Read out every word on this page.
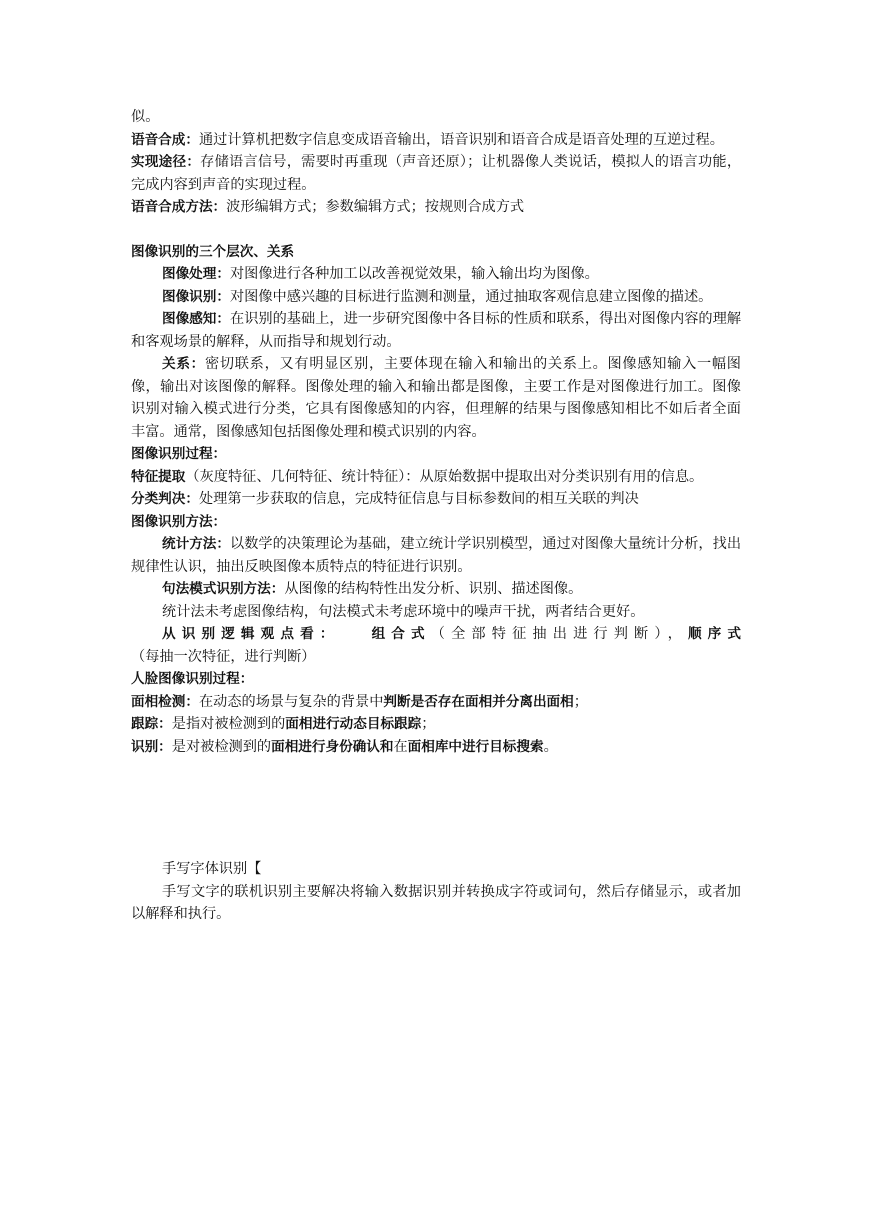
似。

语音合成：通过计算机把数字信息变成语音输出，语音识别和语音合成是语音处理的互逆过程。

实现途径：存储语言信号，需要时再重现（声音还原）；让机器像人类说话，模拟人的语言功能，完成内容到声音的实现过程。

语音合成方法：波形编辑方式；参数编辑方式；按规则合成方式

图像识别的三个层次、关系

图像处理：对图像进行各种加工以改善视觉效果，输入输出均为图像。

图像识别：对图像中感兴趣的目标进行监测和测量，通过抽取客观信息建立图像的描述。

图像感知：在识别的基础上，进一步研究图像中各目标的性质和联系，得出对图像内容的理解和客观场景的解释，从而指导和规划行动。

关系：密切联系，又有明显区别，主要体现在输入和输出的关系上。图像感知输入一幅图像，输出对该图像的解释。图像处理的输入和输出都是图像，主要工作是对图像进行加工。图像识别对输入模式进行分类，它具有图像感知的内容，但理解的结果与图像感知相比不如后者全面丰富。通常，图像感知包括图像处理和模式识别的内容。

图像识别过程：

特征提取（灰度特征、几何特征、统计特征）：从原始数据中提取出对分类识别有用的信息。

分类判决：处理第一步获取的信息，完成特征信息与目标参数间的相互关联的判决

图像识别方法：

统计方法：以数学的决策理论为基础，建立统计学识别模型，通过对图像大量统计分析，找出规律性认识，抽出反映图像本质特点的特征进行识别。

句法模式识别方法：从图像的结构特性出发分析、识别、描述图像。

统计法未考虑图像结构，句法模式未考虑环境中的噪声干扰，两者结合更好。

从识别逻辑观点看： 组合式（全部特征抽出进行判断），顺序式（每抽一次特征，进行判断）

人脸图像识别过程：

面相检测：在动态的场景与复杂的背景中判断是否存在面相并分离出面相；

跟踪：是指对被检测到的面相进行动态目标跟踪；

识别：是对被检测到的面相进行身份确认和在面相库中进行目标搜索。

手写字体识别【

手写文字的联机识别主要解决将输入数据识别并转换成字符或词句，然后存储显示，或者加以解释和执行。
